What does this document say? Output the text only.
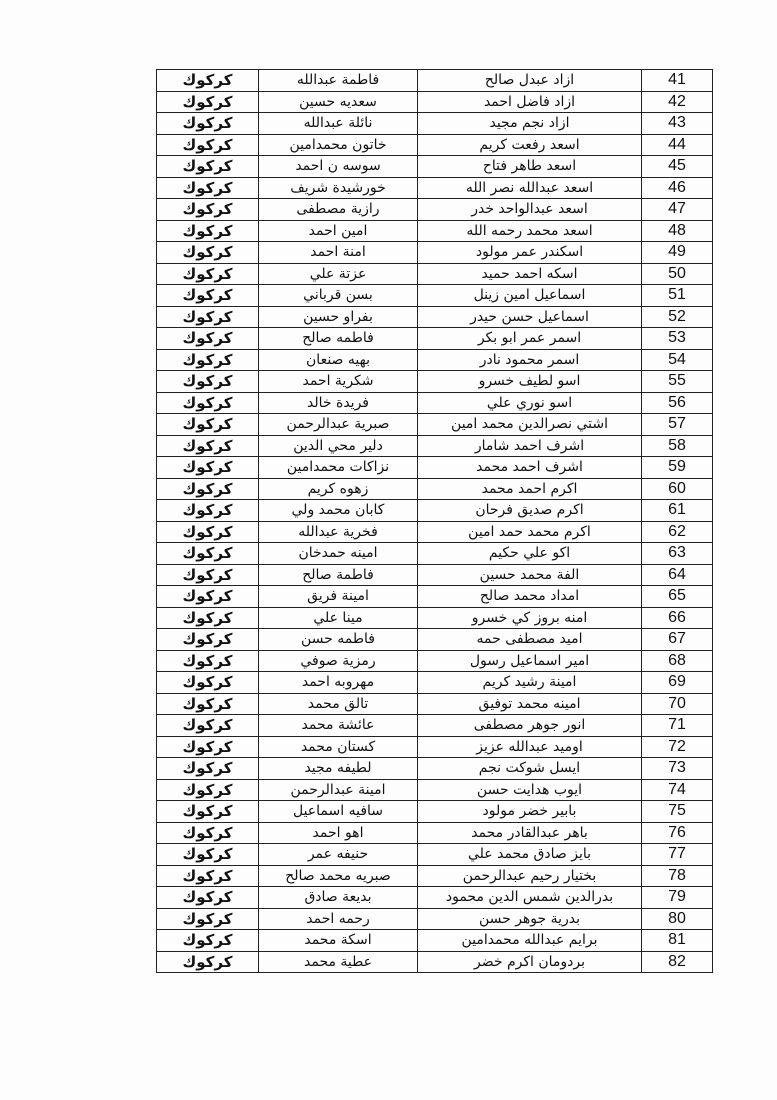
كركوك	فاطمة عبدالله	ازاد عبدل صالح	41
كركوك	سعديه حسين	ازاد فاضل احمد	42
كركوك	نائلة عبدالله	ازاد نجم مجيد	43
كركوك	خاتون محمدامين	اسعد رفعت كريم	44
كركوك	سوسه ن احمد	اسعد طاهر فتاح	45
كركوك	خورشيدة شريف	اسعد عبدالله نصر الله	46
كركوك	رازية مصطفى	اسعد عبدالواحد خدر	47
كركوك	امين احمد	اسعد محمد رحمه الله	48
كركوك	امنة احمد	اسكندر عمر مولود	49
كركوك	عزتة علي	اسكه احمد حميد	50
كركوك	بسن قرباني	اسماعيل امين زينل	51
كركوك	بفراو حسين	اسماعيل حسن حيدر	52
كركوك	فاطمه صالح	اسمر عمر ابو بكر	53
كركوك	بهيه صنعان	اسمر محمود نادر	54
كركوك	شكرية احمد	اسو لطيف خسرو	55
كركوك	فريدة خالد	اسو نوري علي	56
كركوك	صبرية عبدالرحمن	اشتي نصرالدين محمد امين	57
كركوك	دلير محي الدين	اشرف احمد شامار	58
كركوك	نزاكات محمدامين	اشرف احمد محمد	59
كركوك	زهوه كريم	اكرم احمد محمد	60
كركوك	كابان محمد ولي	اكرم صديق فرحان	61
كركوك	فخرية عبدالله	اكرم محمد حمد امين	62
كركوك	امينه حمدخان	اكو علي حكيم	63
كركوك	فاطمة صالح	الفة محمد حسين	64
كركوك	امينة فريق	امداد محمد صالح	65
كركوك	مينا علي	امنه بروز كي خسرو	66
كركوك	فاطمه حسن	اميد مصطفى حمه	67
كركوك	رمزية صوفي	امير اسماعيل رسول	68
كركوك	مهروبه احمد	امينة رشيد كريم	69
كركوك	تالق محمد	امينه محمد توفيق	70
كركوك	عائشة محمد	انور جوهر مصطفى	71
كركوك	كستان محمد	اوميد عبدالله عزيز	72
كركوك	لطيفه مجيد	ايسل شوكت نجم	73
كركوك	امينة عبدالرحمن	ايوب هدايت حسن	74
كركوك	سافيه اسماعيل	بابير خضر مولود	75
كركوك	اهو احمد	باهر عبدالقادر محمد	76
كركوك	حنيفه عمر	بايز صادق محمد علي	77
كركوك	صبريه محمد صالح	بختيار رحيم عبدالرحمن	78
كركوك	بديعة صادق	بدرالدين شمس الدين محمود	79
كركوك	رحمه احمد	بدرية جوهر حسن	80
كركوك	اسكة محمد	برايم عبدالله محمدامين	81
كركوك	عطية محمد	بردومان اكرم خضر	82
